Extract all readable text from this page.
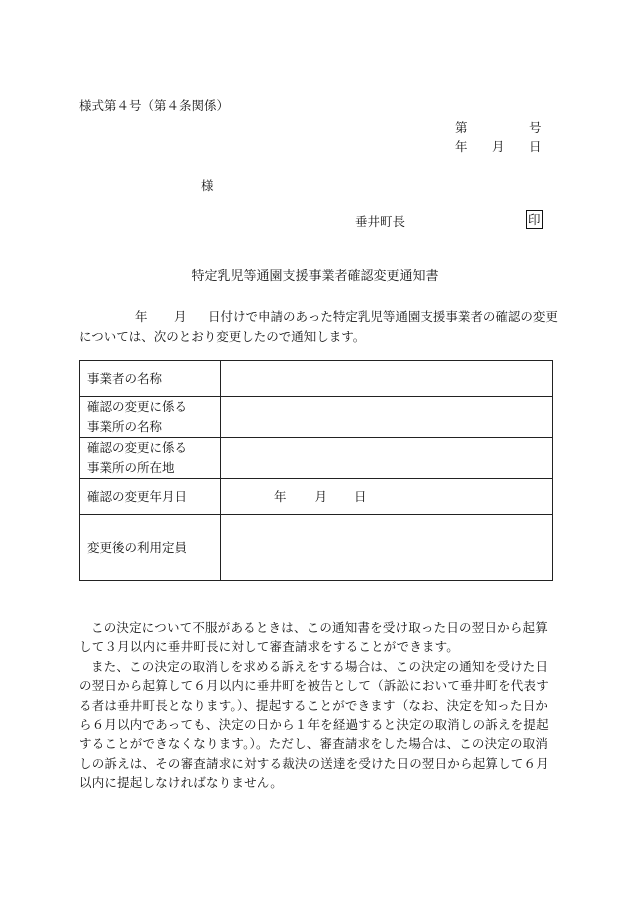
様式第４号（第４条関係）
第	号
年 月 日
様
垂井町長	印
特定乳児等通園支援事業者確認変更通知書
年 月 日付けで申請のあった特定乳児等通園支援事業者の確認の変更
については、次のとおり変更したので通知します。
事業者の名称	

確認の変更に係る
事業所の名称	

確認の変更に係る
事業所の所在地	

確認の変更年月日	年 月 日
変更後の利用定員	

この決定について不服があるときは、この通知書を受け取った日の翌日から起算して３月以内に垂井町長に対して審査請求をすることができます。

また、この決定の取消しを求める訴えをする場合は、この決定の通知を受けた日の翌日から起算して６月以内に垂井町を被告として（訴訟において垂井町を代表する者は垂井町長となります。）、提起することができます（なお、決定を知った日から６月以内であっても、決定の日から１年を経過すると決定の取消しの訴えを提起することができなくなります。）。ただし、審査請求をした場合は、この決定の取消しの訴えは、その審査請求に対する裁決の送達を受けた日の翌日から起算して６月以内に提起しなければなりません。
